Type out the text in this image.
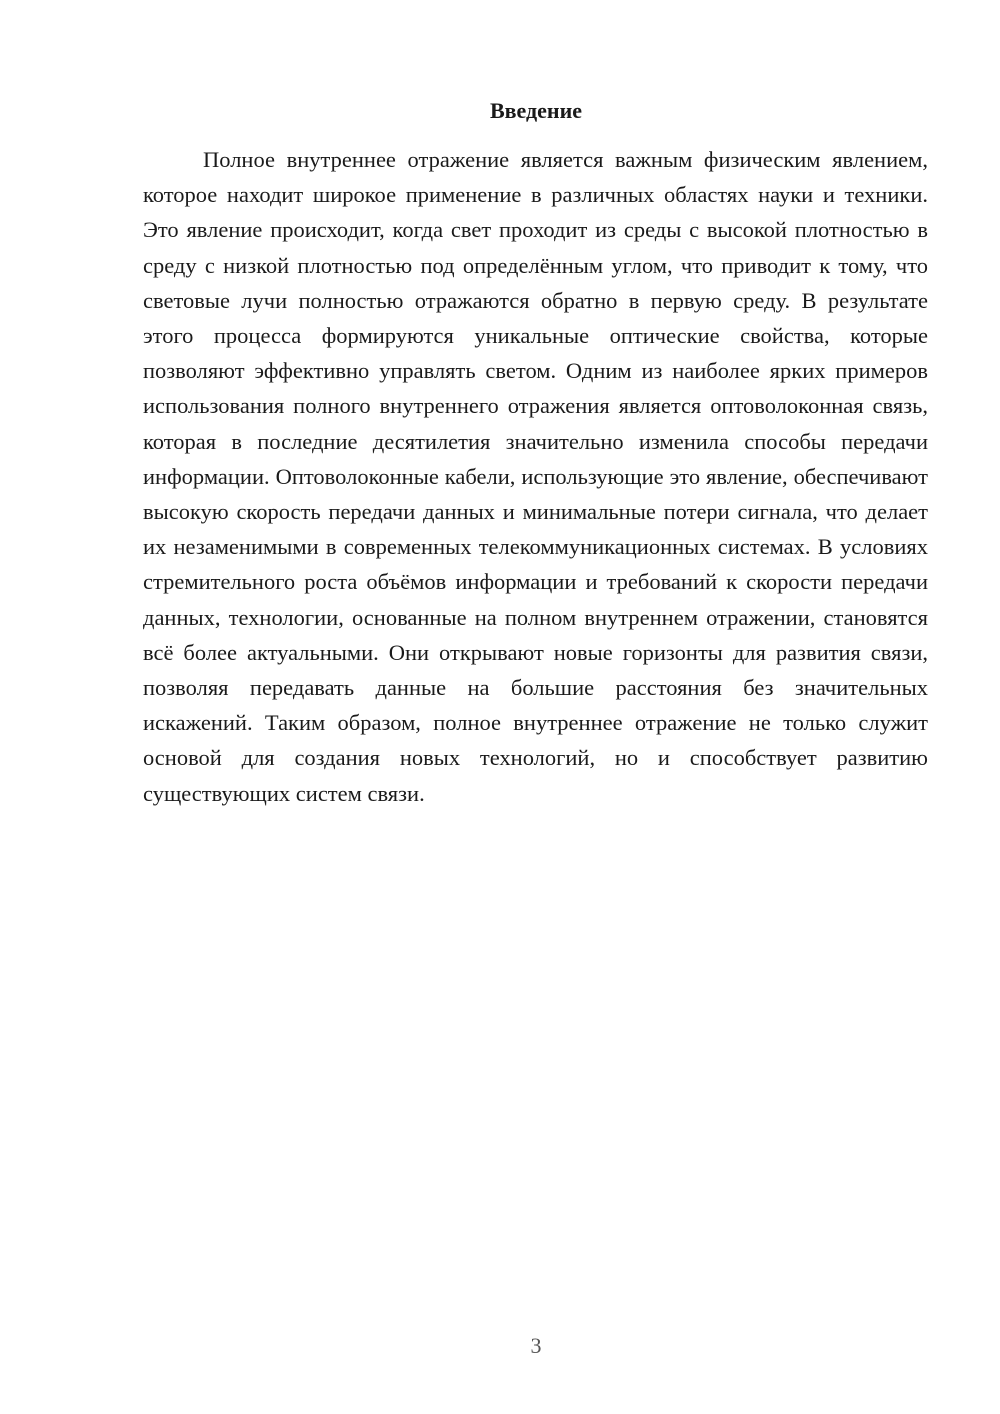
Введение

Полное внутреннее отражение является важным физическим явлением, которое находит широкое применение в различных областях науки и техники. Это явление происходит, когда свет проходит из среды с высокой плотностью в среду с низкой плотностью под определённым углом, что приводит к тому, что световые лучи полностью отражаются обратно в первую среду. В результате этого процесса формируются уникальные оптические свойства, которые позволяют эффективно управлять светом. Одним из наиболее ярких примеров использования полного внутреннего отражения является оптоволоконная связь, которая в последние десятилетия значительно изменила способы передачи информации. Оптоволоконные кабели, использующие это явление, обеспечивают высокую скорость передачи данных и минимальные потери сигнала, что делает их незаменимыми в современных телекоммуникационных системах. В условиях стремительного роста объёмов информации и требований к скорости передачи данных, технологии, основанные на полном внутреннем отражении, становятся всё более актуальными. Они открывают новые горизонты для развития связи, позволяя передавать данные на большие расстояния без значительных искажений. Таким образом, полное внутреннее отражение не только служит основой для создания новых технологий, но и способствует развитию существующих систем связи.

3
